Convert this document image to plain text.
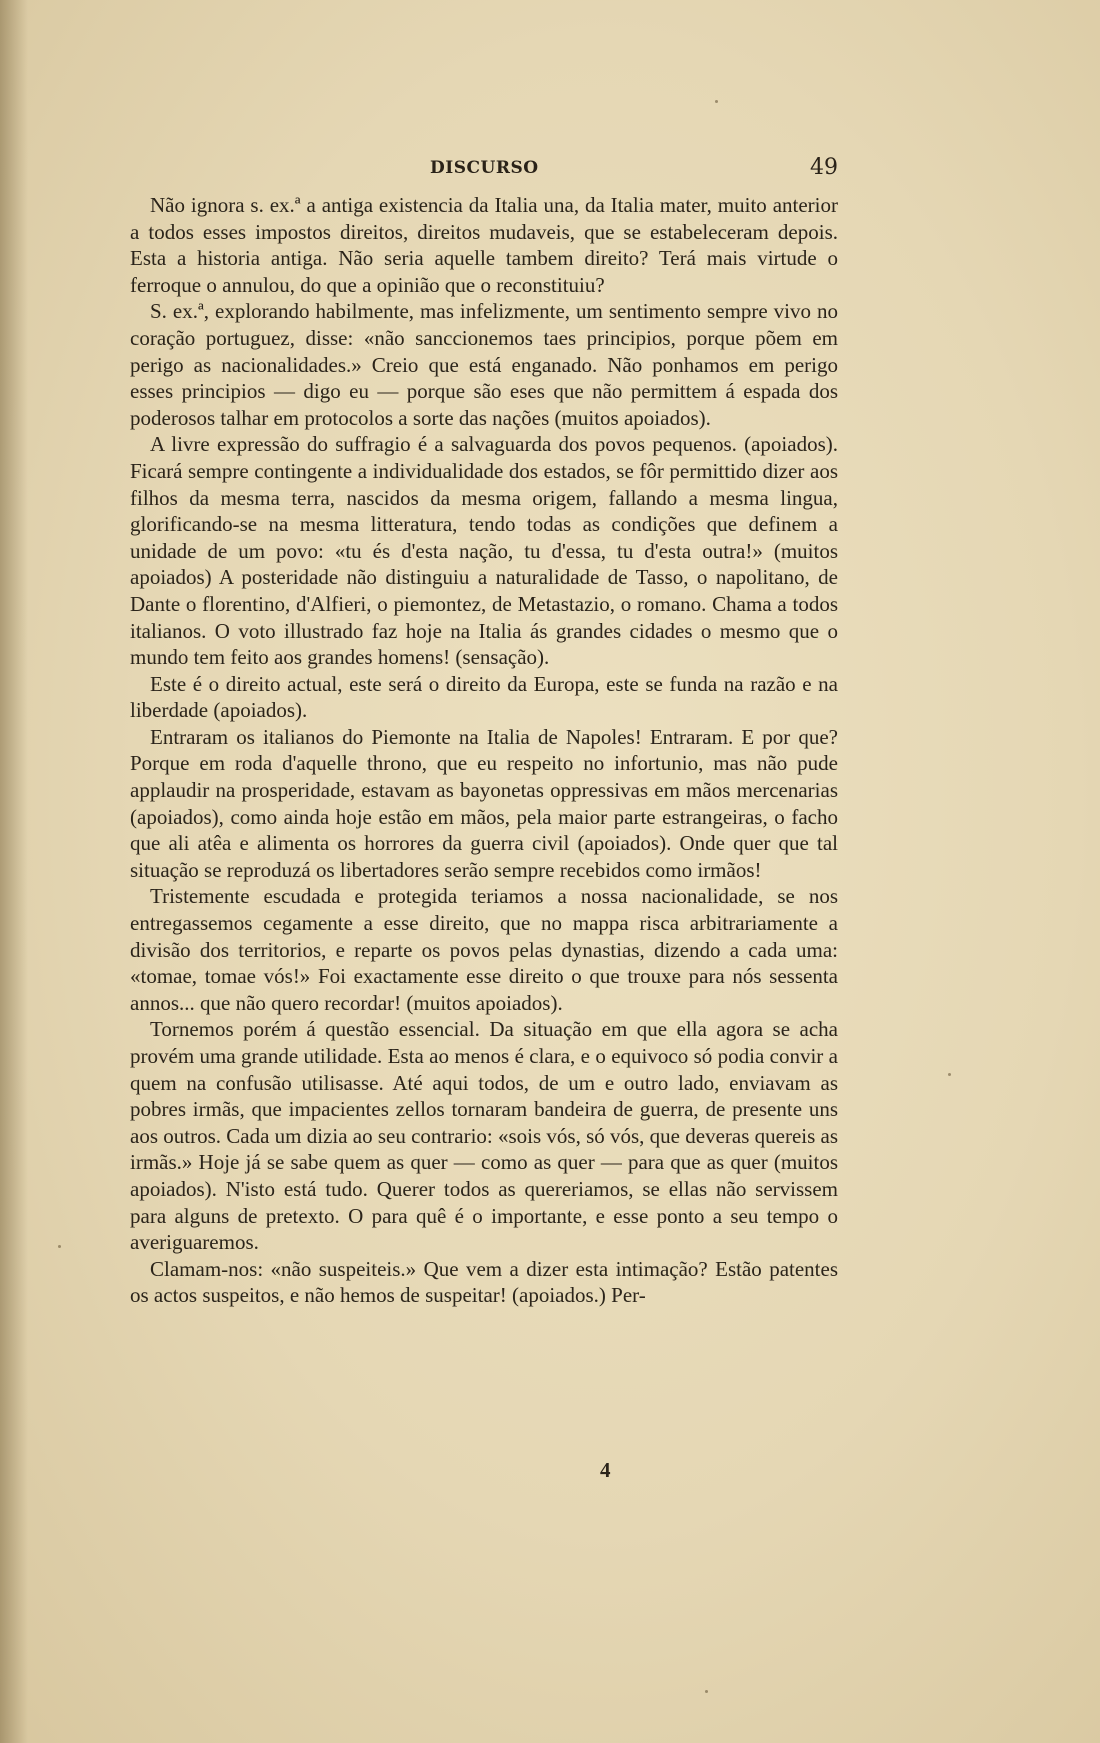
DISCURSO	49

Não ignora s. ex.ª a antiga existencia da Italia una, da Italia mater, muito anterior a todos esses impostos direitos, direitos mudaveis, que se estabeleceram depois. Esta a historia antiga. Não seria aquelle tambem direito? Terá mais virtude o ferroque o annulou, do que a opinião que o reconstituiu?

S. ex.ª, explorando habilmente, mas infelizmente, um sentimento sempre vivo no coração portuguez, disse: «não sanccionemos taes principios, porque põem em perigo as nacionalidades.» Creio que está enganado. Não ponhamos em perigo esses principios — digo eu — porque são eses que não permittem á espada dos poderosos talhar em protocolos a sorte das nações (muitos apoiados).

A livre expressão do suffragio é a salvaguarda dos povos pequenos. (apoiados). Ficará sempre contingente a individualidade dos estados, se fôr permittido dizer aos filhos da mesma terra, nascidos da mesma origem, fallando a mesma lingua, glorificando-se na mesma litteratura, tendo todas as condições que definem a unidade de um povo: «tu és d'esta nação, tu d'essa, tu d'esta outra!» (muitos apoiados) A posteridade não distinguiu a naturalidade de Tasso, o napolitano, de Dante o florentino, d'Alfieri, o piemontez, de Metastazio, o romano. Chama a todos italianos. O voto illustrado faz hoje na Italia ás grandes cidades o mesmo que o mundo tem feito aos grandes homens! (sensação).

Este é o direito actual, este será o direito da Europa, este se funda na razão e na liberdade (apoiados).

Entraram os italianos do Piemonte na Italia de Napoles! Entraram. E por que? Porque em roda d'aquelle throno, que eu respeito no infortunio, mas não pude applaudir na prosperidade, estavam as bayonetas oppressivas em mãos mercenarias (apoiados), como ainda hoje estão em mãos, pela maior parte estrangeiras, o facho que ali atêa e alimenta os horrores da guerra civil (apoiados). Onde quer que tal situação se reproduzá os libertadores serão sempre recebidos como irmãos!

Tristemente escudada e protegida teriamos a nossa nacionalidade, se nos entregassemos cegamente a esse direito, que no mappa risca arbitrariamente a divisão dos territorios, e reparte os povos pelas dynastias, dizendo a cada uma: «tomae, tomae vós!» Foi exactamente esse direito o que trouxe para nós sessenta annos... que não quero recordar! (muitos apoiados).

Tornemos porém á questão essencial. Da situação em que ella agora se acha provém uma grande utilidade. Esta ao menos é clara, e o equivoco só podia convir a quem na confusão utilisasse. Até aqui todos, de um e outro lado, enviavam as pobres irmãs, que impacientes zellos tornaram bandeira de guerra, de presente uns aos outros. Cada um dizia ao seu contrario: «sois vós, só vós, que deveras quereis as irmãs.» Hoje já se sabe quem as quer — como as quer — para que as quer (muitos apoiados). N'isto está tudo. Querer todos as quereriamos, se ellas não servissem para alguns de pretexto. O para quê é o importante, e esse ponto a seu tempo o averiguaremos.

Clamam-nos: «não suspeiteis.» Que vem a dizer esta intimação? Estão patentes os actos suspeitos, e não hemos de suspeitar! (apoiados.) Per-

4
